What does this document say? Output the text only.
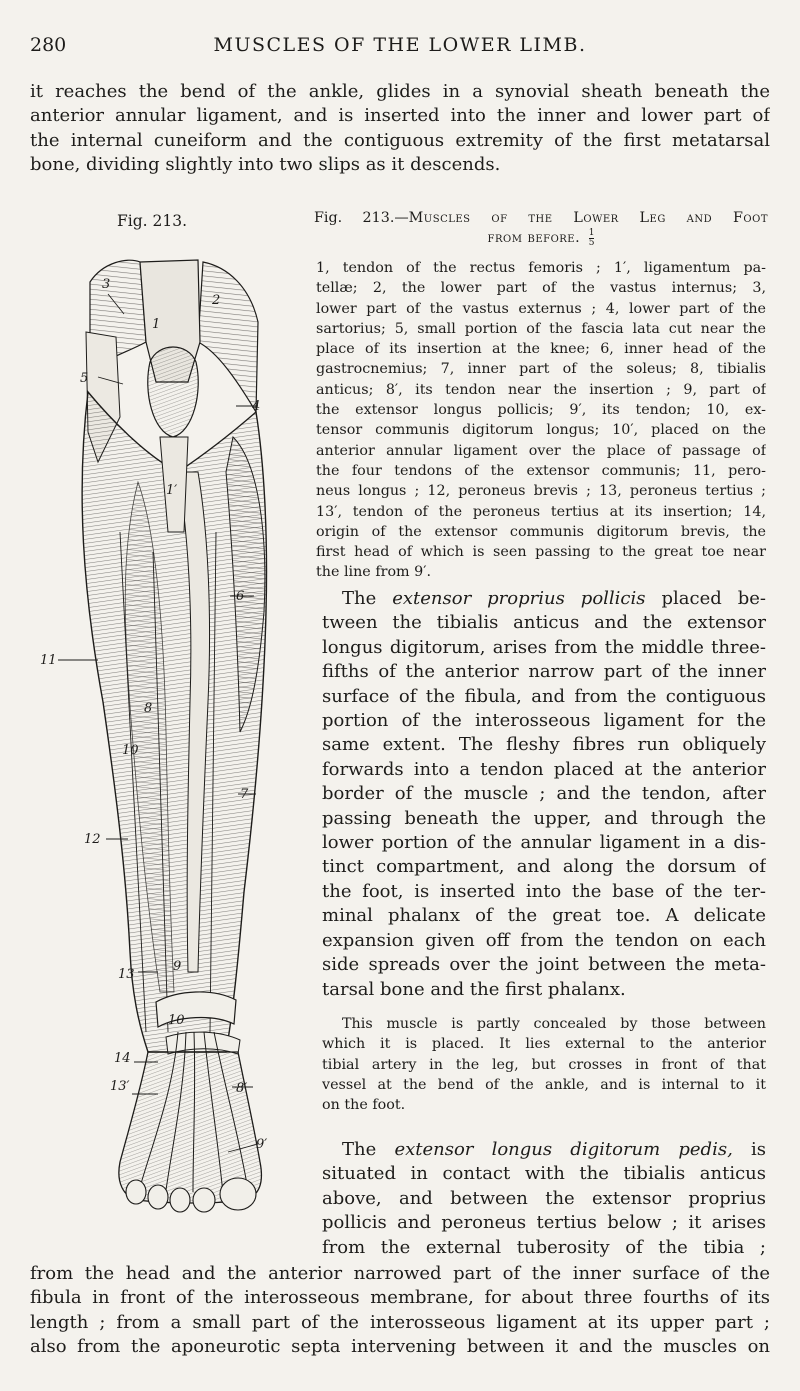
280	MUSCLES OF THE LOWER LIMB.
it reaches the bend of the ankle, glides in a synovial sheath beneath the
anterior annular ligament, and is inserted into the inner and lower part of
the internal cuneiform and the contiguous extremity of the first metatarsal
bone, dividing slightly into two slips as it descends.
Fig. 213.	Fig. 213.—Muscles of the Lower Leg and Foot
from before. $\frac{1}{5}$
1, tendon of the rectus femoris ; 1′, ligamentum pa-
tellæ; 2, the lower part of the vastus internus; 3,
lower part of the vastus externus ; 4, lower part of the
sartorius; 5, small portion of the fascia lata cut near the
place of its insertion at the knee; 6, inner head of the
gastrocnemius; 7, inner part of the soleus; 8, tibialis
anticus; 8′, its tendon near the insertion ; 9, part of
the extensor longus pollicis; 9′, its tendon; 10, ex-
tensor communis digitorum longus; 10′, placed on the
anterior annular ligament over the place of passage of
the four tendons of the extensor communis; 11, pero-
neus longus ; 12, peroneus brevis ; 13, peroneus tertius ;
13′, tendon of the peroneus tertius at its insertion; 14,
origin of the extensor communis digitorum brevis, the
first head of which is seen passing to the great toe near
the line from 9′.
The extensor proprius pollicis placed be-
tween the tibialis anticus and the extensor
longus digitorum, arises from the middle three-
fifths of the anterior narrow part of the inner
surface of the fibula, and from the contiguous
portion of the interosseous ligament for the
same extent. The fleshy fibres run obliquely
forwards into a tendon placed at the anterior
border of the muscle ; and the tendon, after
passing beneath the upper, and through the
lower portion of the annular ligament in a dis-
tinct compartment, and along the dorsum of
the foot, is inserted into the base of the ter-
minal phalanx of the great toe. A delicate
expansion given off from the tendon on each
side spreads over the joint between the meta-
tarsal bone and the first phalanx.
This muscle is partly concealed by those between
which it is placed. It lies external to the anterior
tibial artery in the leg, but crosses in front of that
vessel at the bend of the ankle, and is internal to it
on the foot.
The extensor longus digitorum pedis, is
situated in contact with the tibialis anticus
above, and between the extensor proprius
pollicis and peroneus tertius below ; it arises
from the external tuberosity of the tibia ;
from the head and the anterior narrowed part of the inner surface of the
fibula in front of the interosseous membrane, for about three fourths of its
length ; from a small part of the interosseous ligament at its upper part ;
also from the aponeurotic septa intervening between it and the muscles on
3
1
2
5
4
1′
6
11
8
10
7
12
9
13
10
14
8′
13′
9′
